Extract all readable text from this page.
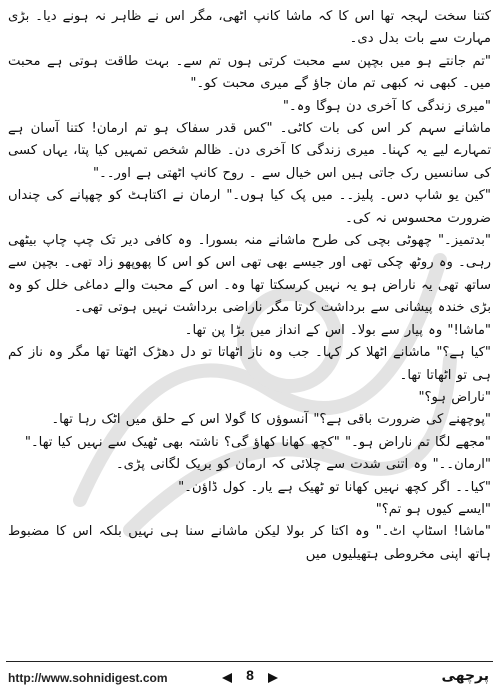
کتنا سخت لہجہ تھا اس کا کہ ماشا کانپ اٹھی، مگر اس نے ظاہر نہ ہونے دیا۔ بڑی مہارت سے بات بدل دی۔

"تم جانتے ہو میں بچپن سے محبت کرتی ہوں تم سے۔ بہت طاقت ہوتی ہے محبت میں۔ کبھی نہ کبھی تم مان جاؤ گے میری محبت کو۔"

"میری زندگی کا آخری دن ہوگا وہ۔"

ماشانے سہم کر اس کی بات کاٹی۔ "کس قدر سفاک ہو تم ارمان! کتنا آسان ہے تمہارے لیے یہ کہنا۔ میری زندگی کا آخری دن۔ ظالم شخص تمہیں کیا پتا، یہاں کسی کی سانسیں رک جاتی ہیں اس خیال سے ۔ روح کانپ اٹھتی ہے اور۔۔"

"کین یو شاپ دس۔ پلیز۔۔ میں پک کیا ہوں۔" ارمان نے اکتاہٹ کو چھپانے کی چنداں ضرورت محسوس نہ کی۔

"بدتمیز۔" چھوٹی بچی کی طرح ماشانے منہ بسورا۔ وہ کافی دیر تک چپ چاپ بیٹھی رہی۔ وہ روٹھ چکی تھی اور جیسے بھی تھی اس کو اس کا پھوپھو زاد تھی۔ بچپن سے ساتھ تھی یہ ناراض ہو یہ نہیں کرسکتا تھا وہ۔ اس کے محبت والے دماغی خلل کو وہ بڑی خندہ پیشانی سے برداشت کرتا مگر ناراضی برداشت نہیں ہوتی تھی۔

"ماشا!" وہ پیار سے بولا۔ اس کے انداز میں بڑا پن تھا۔

"کیا ہے؟" ماشانے اٹھلا کر کہا۔ جب وہ ناز اٹھاتا تو دل دھڑک اٹھتا تھا مگر وہ ناز کم ہی تو اٹھاتا تھا۔

"ناراض ہو؟"

"پوچھنے کی ضرورت باقی ہے؟" آنسوؤں کا گولا اس کے حلق میں اٹک رہا تھا۔

"مجھے لگا تم ناراض ہو۔" "کچھ کھانا کھاؤ گی؟ ناشتہ بھی ٹھیک سے نہیں کیا تھا۔"

"ارمان۔۔" وہ اتنی شدت سے چلائی کہ ارمان کو بریک لگانی پڑی۔

"کیا۔۔ اگر کچھ نہیں کھانا تو ٹھیک ہے یار۔ کول ڈاؤن۔"

"ایسے کیوں ہو تم؟"

"ماشا! اسٹاپ اٹ۔" وہ اکتا کر بولا لیکن ماشانے سنا ہی نہیں بلکہ اس کا مضبوط ہاتھ اپنی مخروطی ہتھیلیوں میں

http://www.sohnidigest.com	8	پرچھی
